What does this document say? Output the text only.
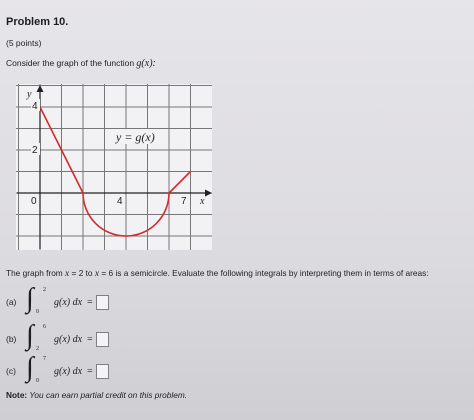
Problem 10.
(5 points)
Consider the graph of the function g(x):
4
2
0	4	7
y
x
y = g(x)
The graph from x = 2 to x = 6 is a semicircle. Evaluate the following integrals by interpreting them in terms of areas:
(a) ∫ 2
0
g(x) dx =
(b) ∫ 6
2
g(x) dx =
(c) ∫ 7
0
g(x) dx =
Note: You can earn partial credit on this problem.
